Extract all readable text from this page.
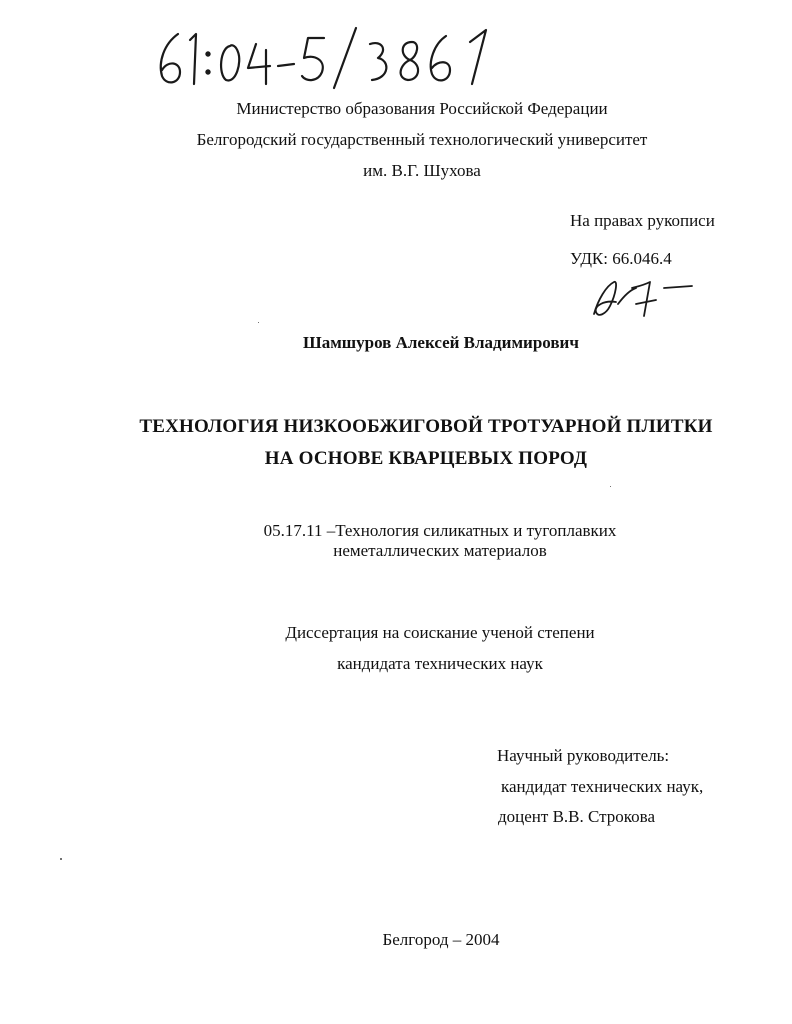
Министерство образования Российской Федерации
Белгородский государственный технологический университет
им. В.Г. Шухова
На правах рукописи
УДК: 66.046.4
Шамшуров Алексей Владимирович
ТЕХНОЛОГИЯ НИЗКООБЖИГОВОЙ ТРОТУАРНОЙ ПЛИТКИ
НА ОСНОВЕ КВАРЦЕВЫХ ПОРОД
05.17.11 –Технология силикатных и тугоплавких
неметаллических материалов
Диссертация на соискание ученой степени
кандидата технических наук
Научный руководитель:
кандидат технических наук,
доцент В.В. Строкова
Белгород – 2004
